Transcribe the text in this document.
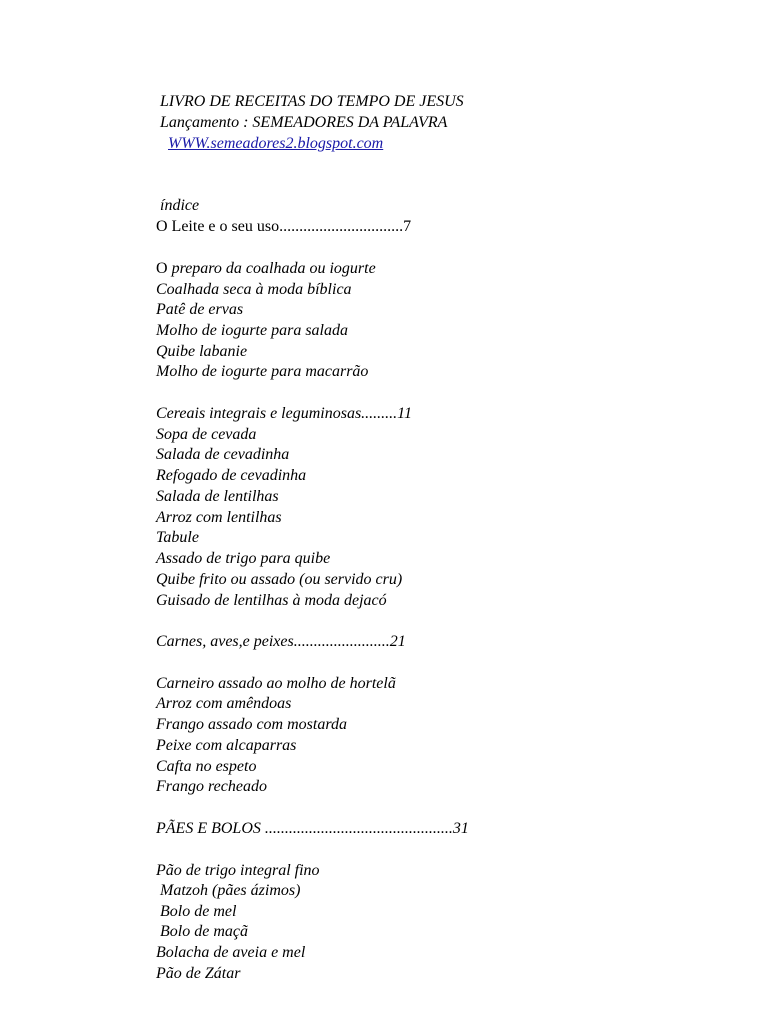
LIVRO DE RECEITAS DO TEMPO DE JESUS
Lançamento : SEMEADORES DA PALAVRA
WWW.semeadores2.blogspot.com
índice
O Leite e o seu uso...............................7
O preparo da coalhada ou iogurte
Coalhada seca à moda bíblica
Patê de ervas
Molho de iogurte para salada
Quibe labanie
Molho de iogurte para macarrão
Cereais integrais e leguminosas.........11
Sopa de cevada
Salada de cevadinha
Refogado de cevadinha
Salada de lentilhas
Arroz com lentilhas
Tabule
Assado de trigo para quibe
Quibe frito ou assado (ou servido cru)
Guisado de lentilhas à moda dejacó
Carnes, aves,e peixes........................21
Carneiro assado ao molho de hortelã
Arroz com amêndoas
Frango assado com mostarda
Peixe com alcaparras
Cafta no espeto
Frango recheado
PÃES E BOLOS ...............................................31
Pão de trigo integral fino
Matzoh (pães ázimos)
Bolo de mel
Bolo de maçã
Bolacha de aveia e mel
Pão de Zátar
